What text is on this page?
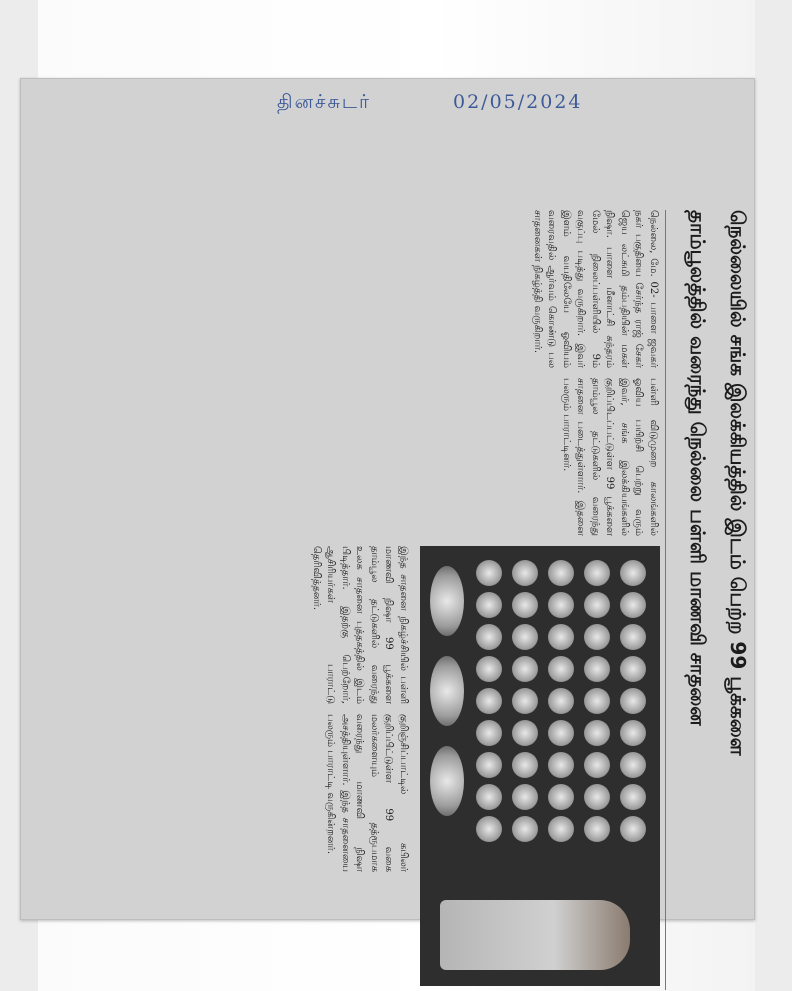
தினச்சுடர்	02/05/2024
நெல்லையில் சங்க இலக்கியத்தில் இடம் பெற்ற 99 பூக்களை
தாம்பூலத்தில் வரைந்து நெல்லை பள்ளி மாணவி சாதனை

நெல்லை, மே. 02- பாளை ஜவகர் நகர் பகுதியை சேர்ந்த ராஜ் சேகர் ஜெய லட்சுமி தம்பதியின் மகள் நிஷா. பாளை மீனாட்சி சுந்தரம் மேல் நிலைப்பள்ளியில் 9ம் வகுப்பு படித்து வருகிறார். இவர் இளம் வயதிலேயே ஓவியம் வரைவதில் ஆர்வம் கொண்டு பல சாதனைகள் நிகழ்த்தி வருகிறார்.

பள்ளி விடுமுறை காலங்களில் ஓவிய பயிற்சி பெற்று வரும் இவர், சங்க இலக்கியங்களில் குறிப்பிடப்பட்டுள்ள 99 பூக்களை தாம்பூல தட்டுகளில் வரைந்து சாதனை படைத்துள்ளார். இதனை பலரும் பாராட்டினர்.

இந்த சாதனை நிகழ்ச்சியில் பள்ளி மாணவி நிஷா 99 பூக்களை தாம்பூல தட்டுகளில் வரைந்து உலக சாதனை புத்தகத்தில் இடம் பிடித்தார். இதற்கு பெற்றோர், ஆசிரியர்கள் பாராட்டு தெரிவித்தனர்.

குறிஞ்சிப்பாட்டில் கபிலர் குறிப்பிட்டுள்ள 99 வகை மலர்களையும் தத்ரூபமாக வரைந்து மாணவி நிஷா அசத்தியுள்ளார். இந்த சாதனையை பலரும் பாராட்டி வருகின்றனர்.
